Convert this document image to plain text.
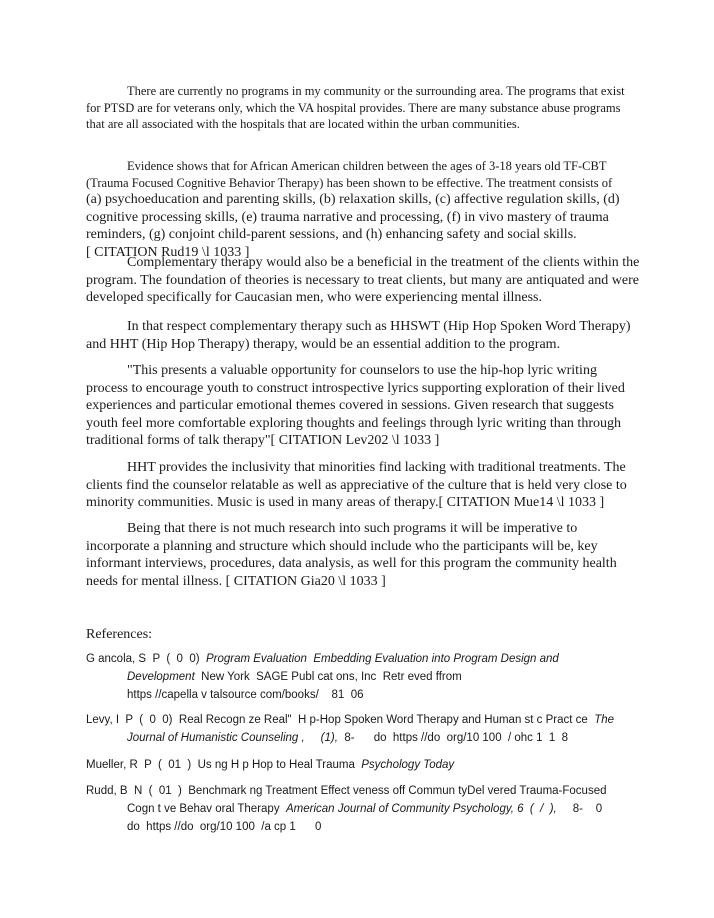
There are currently no programs in my community or the surrounding area. The programs that exist for PTSD are for veterans only, which the VA hospital provides. There are many substance abuse programs that are all associated with the hospitals that are located within the urban communities.

Evidence shows that for African American children between the ages of 3-18 years old TF-CBT (Trauma Focused Cognitive Behavior Therapy) has been shown to be effective. The treatment consists of

(a) psychoeducation and parenting skills, (b) relaxation skills, (c) affective regulation skills, (d) cognitive processing skills, (e) trauma narrative and processing, (f) in vivo mastery of trauma reminders, (g) conjoint child-parent sessions, and (h) enhancing safety and social skills.

[ CITATION Rud19 \l 1033 ]

Complementary therapy would also be a beneficial in the treatment of the clients within the program. The foundation of theories is necessary to treat clients, but many are antiquated and were developed specifically for Caucasian men, who were experiencing mental illness.

In that respect complementary therapy such as HHSWT (Hip Hop Spoken Word Therapy) and HHT (Hip Hop Therapy) therapy, would be an essential addition to the program.

"This presents a valuable opportunity for counselors to use the hip-hop lyric writing process to encourage youth to construct introspective lyrics supporting exploration of their lived experiences and particular emotional themes covered in sessions. Given research that suggests youth feel more comfortable exploring thoughts and feelings through lyric writing than through traditional forms of talk therapy"[ CITATION Lev202 \l 1033 ]

HHT provides the inclusivity that minorities find lacking with traditional treatments. The clients find the counselor relatable as well as appreciative of the culture that is held very close to minority communities. Music is used in many areas of therapy.[ CITATION Mue14 \l 1033 ]

Being that there is not much research into such programs it will be imperative to incorporate a planning and structure which should include who the participants will be, key informant interviews, procedures, data analysis, as well for this program the community health needs for mental illness. [ CITATION Gia20 \l 1033 ]

References:

G ancola, S  P  (  0  0)  Program Evaluation  Embedding Evaluation into Program Design and

Development  New York  SAGE Publ cat ons, Inc  Retr eved ffrom

https //capella v talsource com/books/    81  06

Levy, I  P  (  0  0)  Real Recogn ze Real"  H p-Hop Spoken Word Therapy and Human st c Pract ce  The

Journal of Humanistic Counseling ,     (1),  8-      do  https //do  org/10 100  / ohc 1  1  8

Mueller, R  P  (  01  )  Us ng H p Hop to Heal Trauma  Psychology Today

Rudd, B  N  (  01  )  Benchmark ng Treatment Effect veness off Commun tyDel vered Trauma-Focused

Cogn t ve Behav oral Therapy  American Journal of Community Psychology, 6  (  /  ),     8-    0

do  https //do  org/10 100  /a cp 1      0
